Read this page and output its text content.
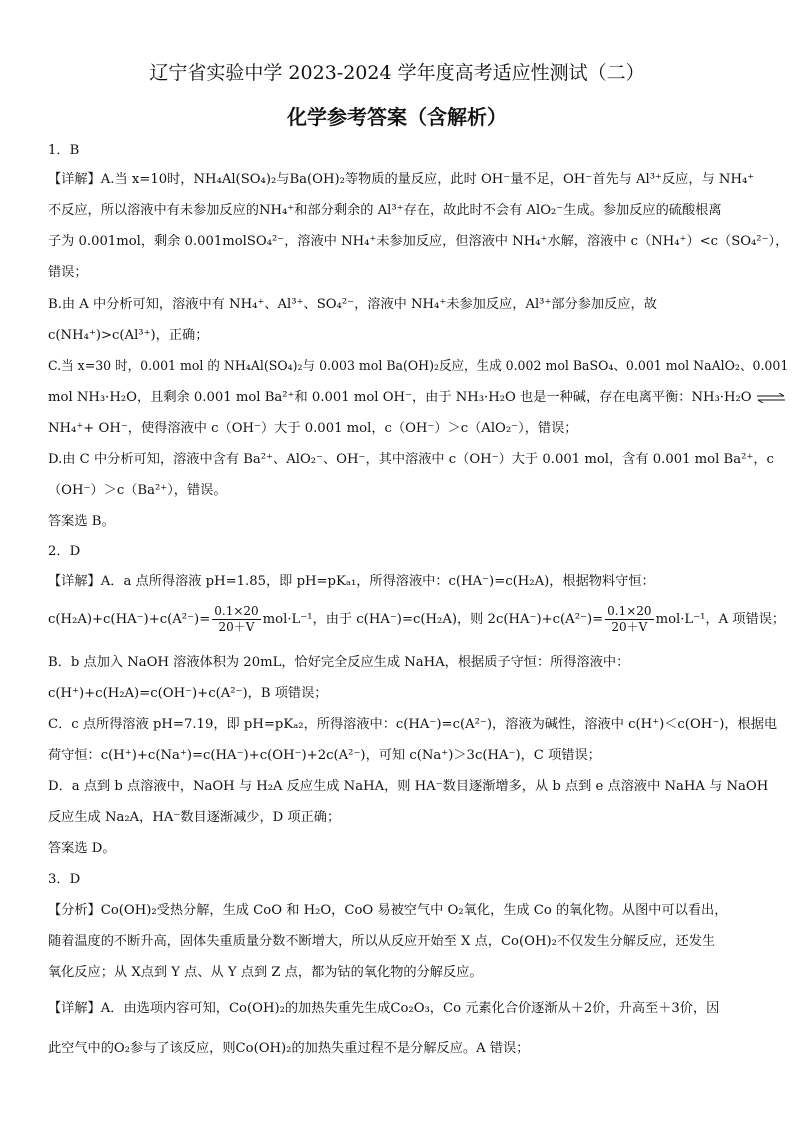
辽宁省实验中学 2023-2024 学年度高考适应性测试（二）
化学参考答案（含解析）
1．B
【详解】A.当 x=10时，NH₄Al(SO₄)₂与Ba(OH)₂等物质的量反应，此时 OH⁻量不足，OH⁻首先与 Al³⁺反应，与 NH₄⁺
不反应，所以溶液中有未参加反应的NH₄⁺和部分剩余的 Al³⁺存在，故此时不会有 AlO₂⁻生成。参加反应的硫酸根离
子为 0.001mol，剩余 0.001molSO₄²⁻，溶液中 NH₄⁺未参加反应，但溶液中 NH₄⁺水解，溶液中 c（NH₄⁺）<c（SO₄²⁻），
错误；
B.由 A 中分析可知，溶液中有 NH₄⁺、Al³⁺、SO₄²⁻，溶液中 NH₄⁺未参加反应，Al³⁺部分参加反应，故
c(NH₄⁺)>c(Al³⁺)，正确；
C.当 x=30 时，0.001 mol 的 NH₄Al(SO₄)₂与 0.003 mol Ba(OH)₂反应，生成 0.002 mol BaSO₄、0.001 mol NaAlO₂、0.001
mol NH₃·H₂O，且剩余 0.001 mol Ba²⁺和 0.001 mol OH⁻，由于 NH₃·H₂O 也是一种碱，存在电离平衡：NH₃·H₂O ⇌
NH₄⁺+ OH⁻，使得溶液中 c（OH⁻）大于 0.001 mol，c（OH⁻）＞c（AlO₂⁻），错误；
D.由 C 中分析可知，溶液中含有 Ba²⁺、AlO₂⁻、OH⁻，其中溶液中 c（OH⁻）大于 0.001 mol，含有 0.001 mol Ba²⁺，c
（OH⁻）＞c（Ba²⁺），错误。
答案选 B。
2．D
【详解】A．a 点所得溶液 pH=1.85，即 pH=pKₐ₁，所得溶液中：c(HA⁻)=c(H₂A)，根据物料守恒：
$c(H_2A)+c(HA^-)+c(A^{2-})= \frac{0.1\times 20}{20+V} mol\cdot L^{-1}$，由于 c(HA⁻)=c(H₂A)，则 $2c(HA^-)+c(A^{2-})= \frac{0.1\times 20}{20+V} mol\cdot L^{-1}$，A 项错误；
B．b 点加入 NaOH 溶液体积为 20mL，恰好完全反应生成 NaHA，根据质子守恒：所得溶液中：
c(H⁺)+c(H₂A)=c(OH⁻)+c(A²⁻)，B 项错误；
C．c 点所得溶液 pH=7.19，即 pH=pKₐ₂，所得溶液中：c(HA⁻)=c(A²⁻)，溶液为碱性，溶液中 c(H⁺)＜c(OH⁻)，根据电
荷守恒：c(H⁺)+c(Na⁺)=c(HA⁻)+c(OH⁻)+2c(A²⁻)，可知 c(Na⁺)＞3c(HA⁻)，C 项错误；
D．a 点到 b 点溶液中，NaOH 与 H₂A 反应生成 NaHA，则 HA⁻数目逐渐增多，从 b 点到 e 点溶液中 NaHA 与 NaOH
反应生成 Na₂A，HA⁻数目逐渐减少，D 项正确；
答案选 D。
3．D
【分析】Co(OH)₂受热分解，生成 CoO 和 H₂O，CoO 易被空气中 O₂氧化，生成 Co 的氧化物。从图中可以看出，
随着温度的不断升高，固体失重质量分数不断增大，所以从反应开始至 X 点，Co(OH)₂不仅发生分解反应，还发生
氧化反应；从 X点到 Y 点、从 Y 点到 Z 点，都为钴的氧化物的分解反应。
【详解】A．由选项内容可知，Co(OH)₂的加热失重先生成Co₂O₃，Co 元素化合价逐渐从＋2价，升高至＋3价，因
此空气中的O₂参与了该反应，则Co(OH)₂的加热失重过程不是分解反应。A 错误；
